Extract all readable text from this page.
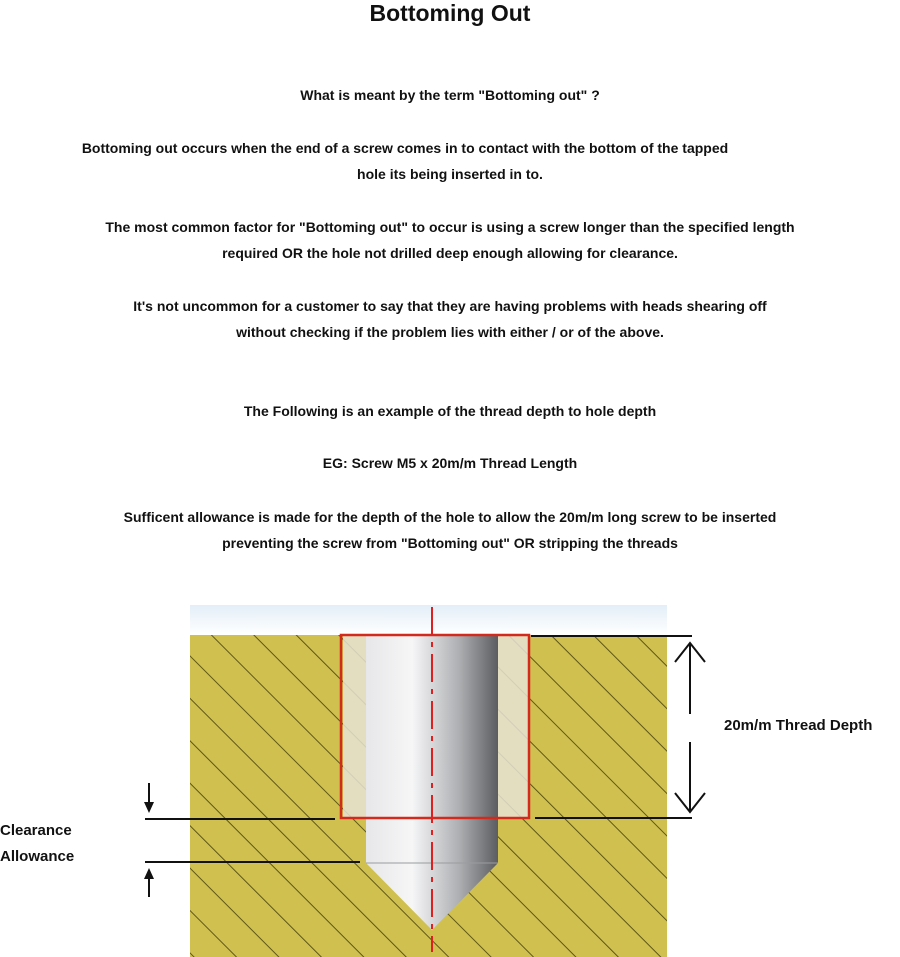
Bottoming Out
What is meant by the term "Bottoming out" ?
Bottoming out occurs when the end of a screw comes in to contact with the bottom of the tapped
hole its being inserted in to.
The most common factor for "Bottoming out" to occur is using a screw longer than the specified length
required OR the hole not drilled deep enough allowing for clearance.
It's not uncommon for a customer to say that they are having problems with heads shearing off
without checking if the problem lies with either / or of the above.
The Following is an example of the thread depth to hole depth
EG: Screw M5 x 20m/m Thread Length
Sufficent allowance is made for the depth of the hole to allow the 20m/m long screw to be inserted
preventing the screw from "Bottoming out" OR stripping the threads
20m/m Thread Depth
Clearance
Allowance
